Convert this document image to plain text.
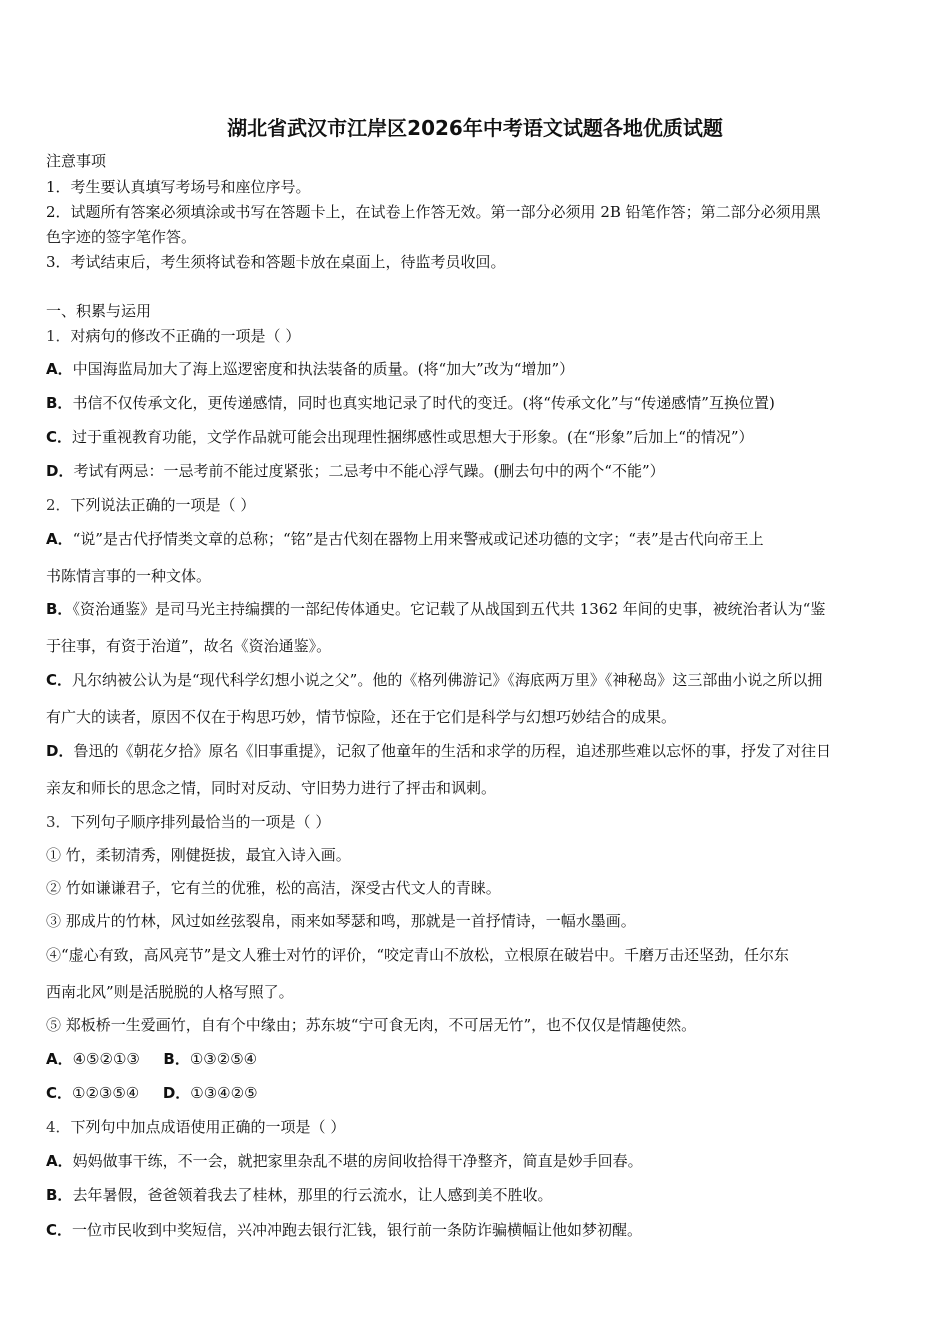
湖北省武汉市江岸区2026年中考语文试题各地优质试题
注意事项
1．考生要认真填写考场号和座位序号。
2．试题所有答案必须填涂或书写在答题卡上，在试卷上作答无效。第一部分必须用 2B 铅笔作答；第二部分必须用黑
色字迹的签字笔作答。
3．考试结束后，考生须将试卷和答题卡放在桌面上，待监考员收回。
一、积累与运用
1．对病句的修改不正确的一项是（ ）
A．中国海监局加大了海上巡逻密度和执法装备的质量。(将“加大”改为“增加”）
B．书信不仅传承文化，更传递感情，同时也真实地记录了时代的变迁。(将“传承文化”与“传递感情”互换位置)
C．过于重视教育功能，文学作品就可能会出现理性捆绑感性或思想大于形象。(在“形象”后加上“的情况”）
D．考试有两忌：一忌考前不能过度紧张；二忌考中不能心浮气躁。(删去句中的两个“不能”）
2．下列说法正确的一项是（ ）
A．“说”是古代抒情类文章的总称；“铭”是古代刻在器物上用来警戒或记述功德的文字；“表”是古代向帝王上
书陈情言事的一种文体。
B．《资治通鉴》是司马光主持编撰的一部纪传体通史。它记载了从战国到五代共 1362 年间的史事，被统治者认为“鉴
于往事，有资于治道”，故名《资治通鉴》。
C．凡尔纳被公认为是“现代科学幻想小说之父”。他的《格列佛游记》《海底两万里》《神秘岛》这三部曲小说之所以拥
有广大的读者，原因不仅在于构思巧妙，情节惊险，还在于它们是科学与幻想巧妙结合的成果。
D．鲁迅的《朝花夕拾》原名《旧事重提》，记叙了他童年的生活和求学的历程，追述那些难以忘怀的事，抒发了对往日
亲友和师长的思念之情，同时对反动、守旧势力进行了抨击和讽刺。
3．下列句子顺序排列最恰当的一项是（ ）
① 竹，柔韧清秀，刚健挺拔，最宜入诗入画。
② 竹如谦谦君子，它有兰的优雅，松的高洁，深受古代文人的青睐。
③ 那成片的竹林，风过如丝弦裂帛，雨来如琴瑟和鸣，那就是一首抒情诗，一幅水墨画。
④“虚心有致，高风亮节”是文人雅士对竹的评价，“咬定青山不放松，立根原在破岩中。千磨万击还坚劲，任尔东
西南北风”则是活脱脱的人格写照了。
⑤ 郑板桥一生爱画竹，自有个中缘由；苏东坡“宁可食无肉，不可居无竹”，也不仅仅是情趣使然。
A．④⑤②①③ B．①③②⑤④
C．①②③⑤④ D．①③④②⑤
4．下列句中加点成语使用正确的一项是（ ）
A．妈妈做事干练，不一会，就把家里杂乱不堪的房间收拾得干净整齐，简直是妙手回春。
B．去年暑假，爸爸领着我去了桂林，那里的行云流水，让人感到美不胜收。
C．一位市民收到中奖短信，兴冲冲跑去银行汇钱，银行前一条防诈骗横幅让他如梦初醒。
